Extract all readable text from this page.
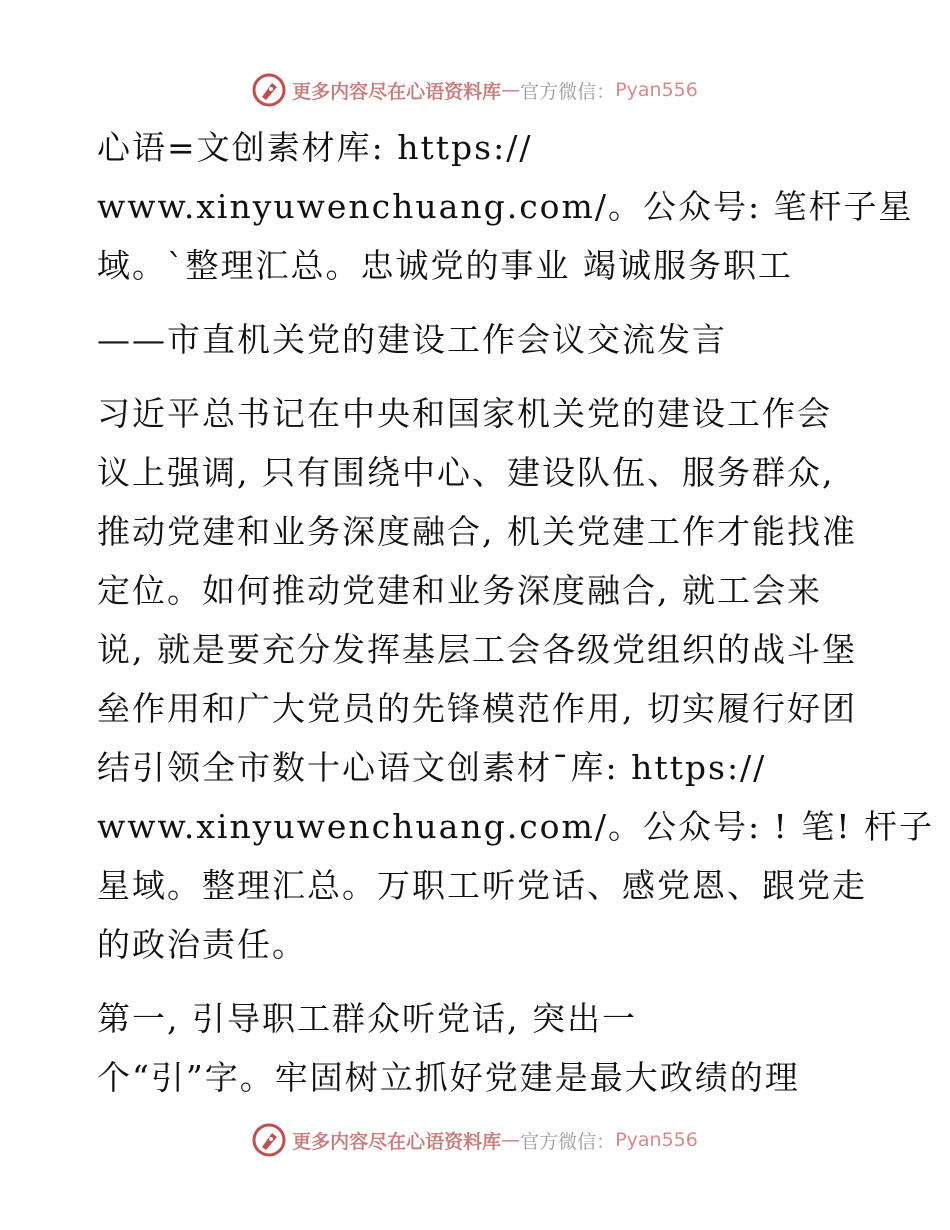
更多内容尽在心语资料库 — 官方微信： Pyan556
心语=文创素材库: https://
www.xinyuwenchuang.com/。公众号: 笔杆子星
域。`整理汇总。忠诚党的事业 竭诚服务职工
——市直机关党的建设工作会议交流发言
习近平总书记在中央和国家机关党的建设工作会
议上强调, 只有围绕中心、建设队伍、服务群众,
推动党建和业务深度融合, 机关党建工作才能找准
定位。如何推动党建和业务深度融合, 就工会来
说, 就是要充分发挥基层工会各级党组织的战斗堡
垒作用和广大党员的先锋模范作用, 切实履行好团
结引领全市数十心语文创素材¯库: https://
www.xinyuwenchuang.com/。公众号: ! 笔! 杆子
星域。整理汇总。万职工听党话、感党恩、跟党走
的政治责任。
第一, 引导职工群众听党话, 突出一
个“引”字。牢固树立抓好党建是最大政绩的理
更多内容尽在心语资料库 — 官方微信： Pyan556
